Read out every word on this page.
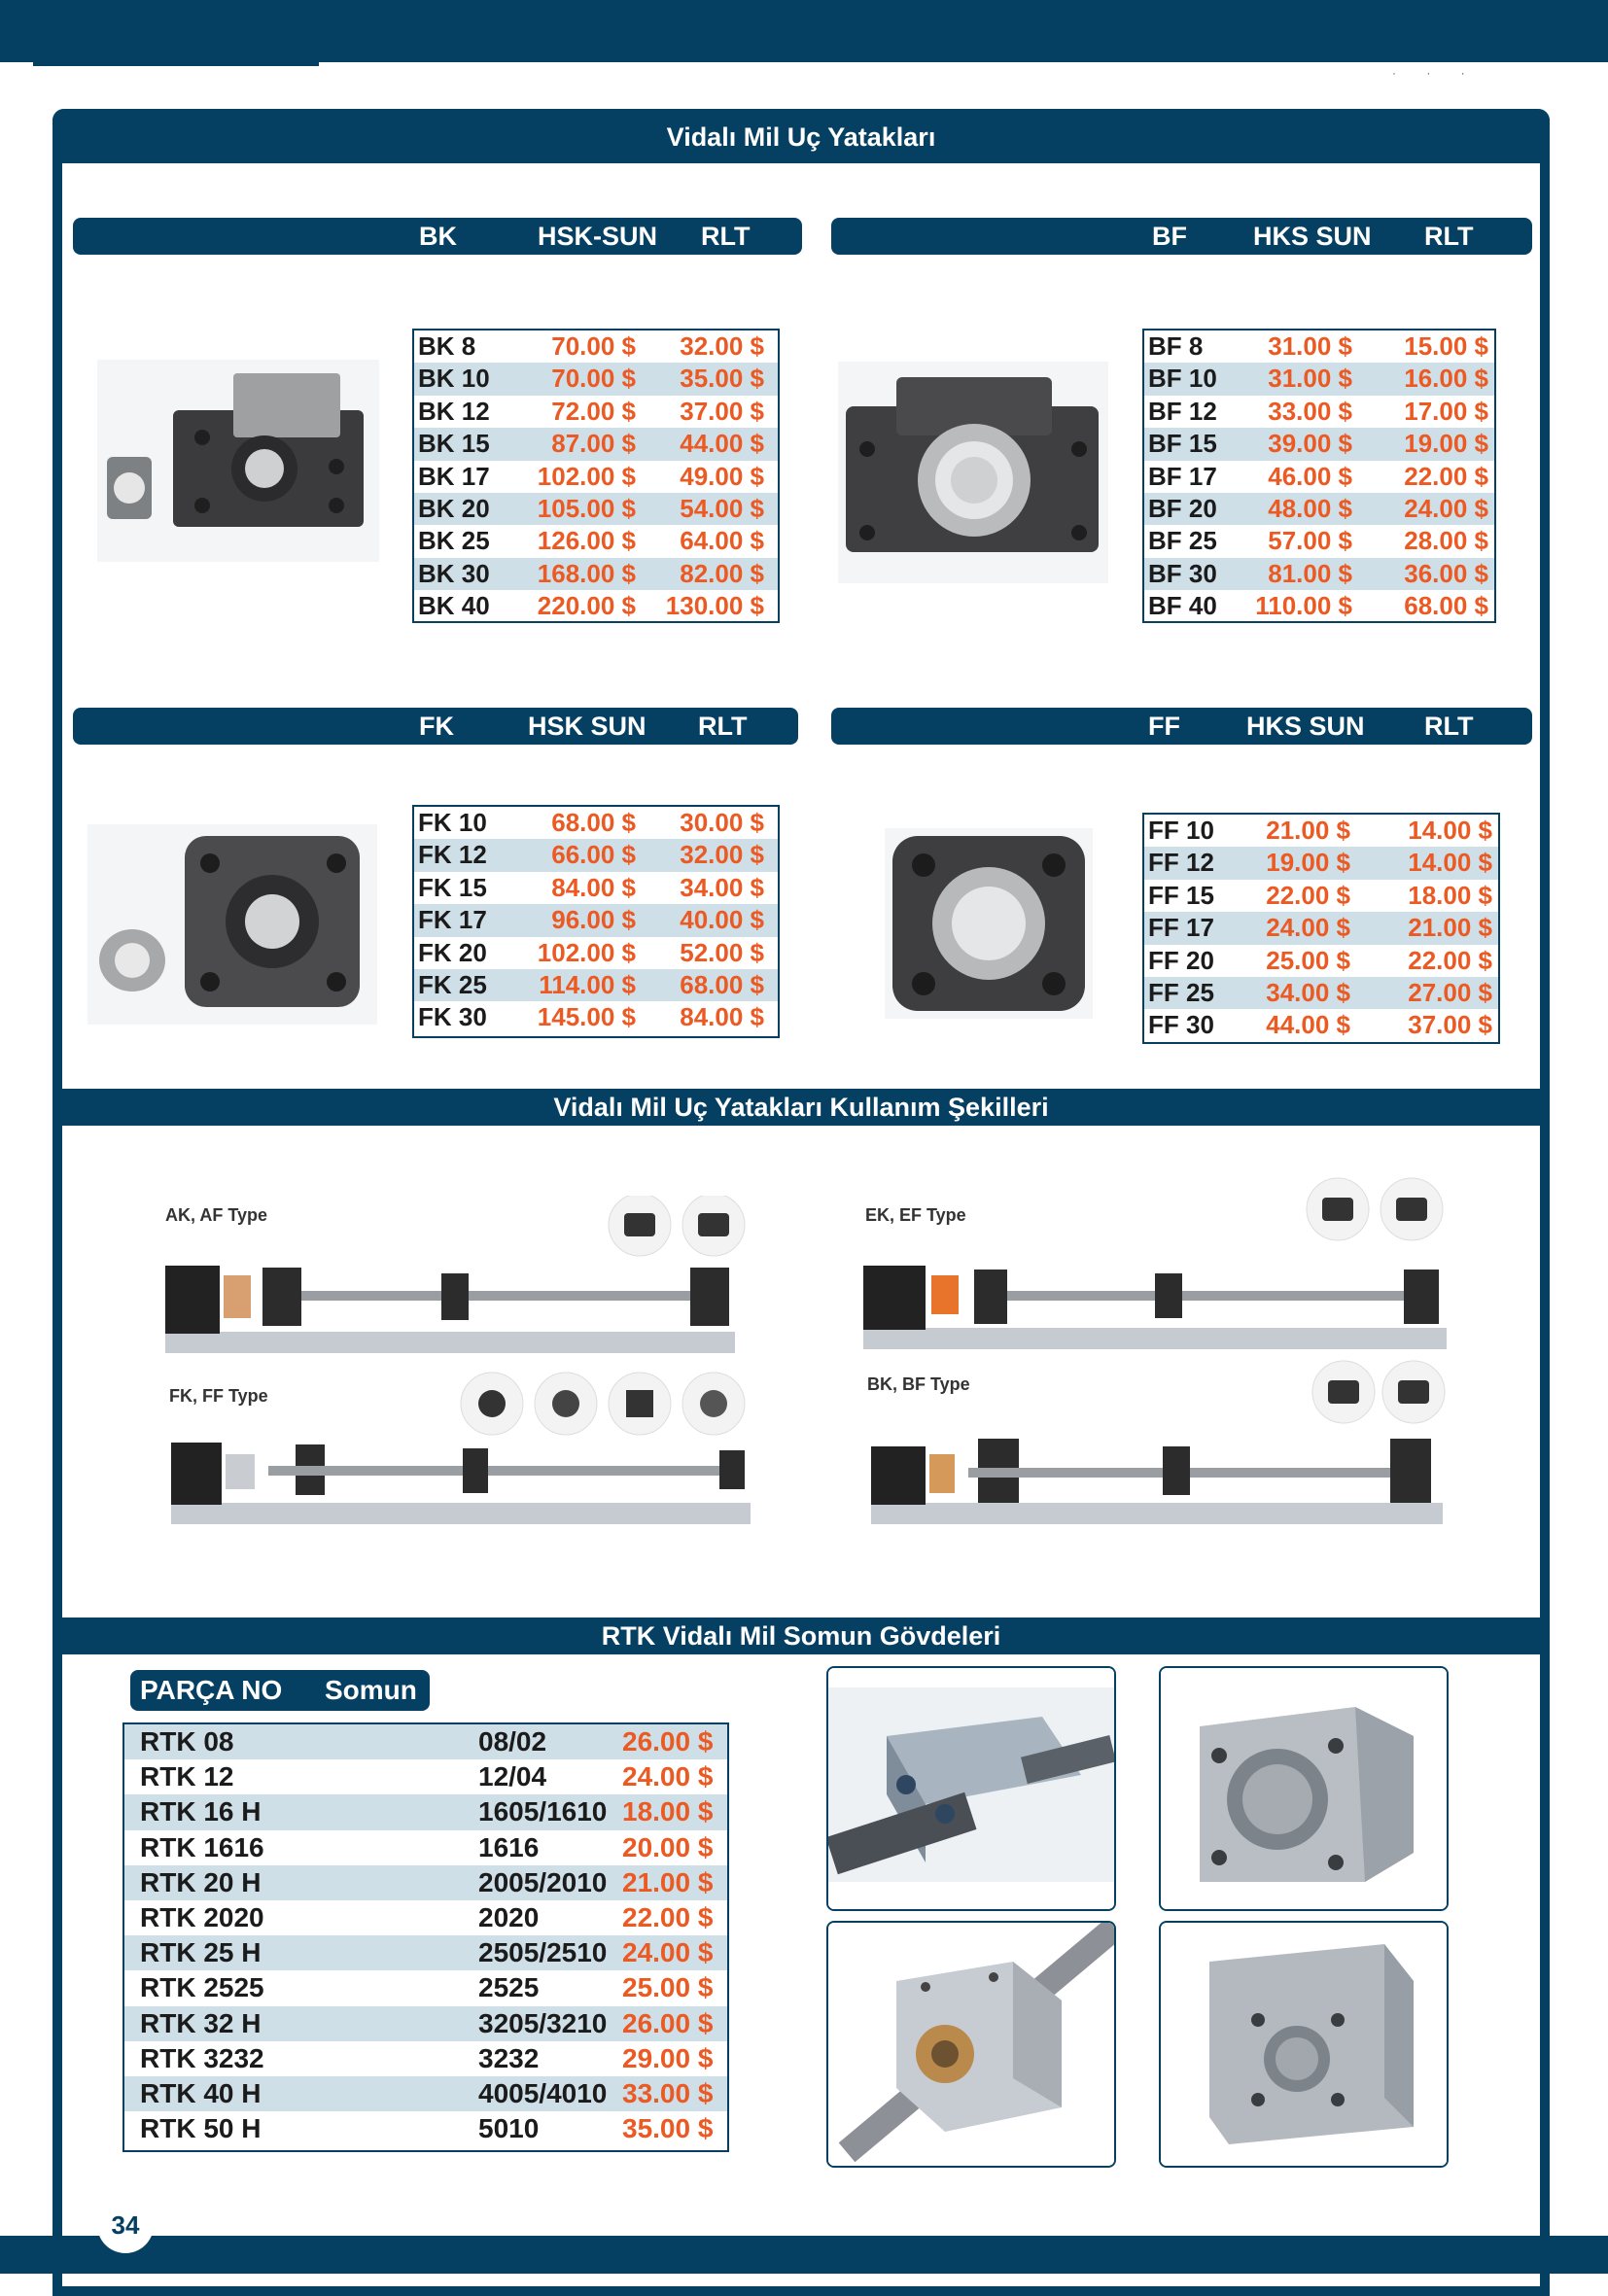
· · ·
Vidalı Mil Uç Yatakları
BK	HSK-SUN RLT	BF	HKS SUN RLT
BK 8	70.00 $ 32.00 $
BK 10 70.00 $ 35.00 $
BK 12 72.00 $ 37.00 $
BK 15 87.00 $ 44.00 $
BK 17 102.00 $ 49.00 $
BK 20 105.00 $ 54.00 $
BK 25 126.00 $ 64.00 $
BK 30 168.00 $ 82.00 $
BK 40 220.00 $ 130.00 $
BF 8	31.00 $ 15.00 $
BF 10 31.00 $ 16.00 $
BF 12 33.00 $ 17.00 $
BF 15 39.00 $ 19.00 $
BF 17 46.00 $ 22.00 $
BF 20 48.00 $ 24.00 $
BF 25 57.00 $ 28.00 $
BF 30 81.00 $ 36.00 $
BF 40 110.00 $ 68.00 $
FK	HSK SUN RLT	FF	HKS SUN RLT
FK 10	68.00 $ 30.00 $
FK 12	66.00 $ 32.00 $
FK 15	84.00 $ 34.00 $
FK 17	96.00 $ 40.00 $
FK 20 102.00 $ 52.00 $
FK 25 114.00 $ 68.00 $
FK 30 145.00 $ 84.00 $
FF 10 21.00 $ 14.00 $
FF 12 19.00 $ 14.00 $
FF 15 22.00 $ 18.00 $
FF 17 24.00 $ 21.00 $
FF 20 25.00 $ 22.00 $
FF 25 34.00 $ 27.00 $
FF 30 44.00 $ 37.00 $
Vidalı Mil Uç Yatakları Kullanım Şekilleri
AK, AF Type	EK, EF Type
FK, FF Type
BK, BF Type
RTK Vidalı Mil Somun Gövdeleri
PARÇA NO Somun
RTK 08	08/02	26.00 $
RTK 12	12/04	24.00 $
RTK 16 H	1605/1610 18.00 $
RTK 1616	1616	20.00 $
RTK 20 H	2005/2010 21.00 $
RTK 2020	2020	22.00 $
RTK 25 H	2505/2510 24.00 $
RTK 2525	2525	25.00 $
RTK 32 H	3205/3210 26.00 $
RTK 3232	3232	29.00 $
RTK 40 H	4005/4010 33.00 $
RTK 50 H	5010	35.00 $
34
